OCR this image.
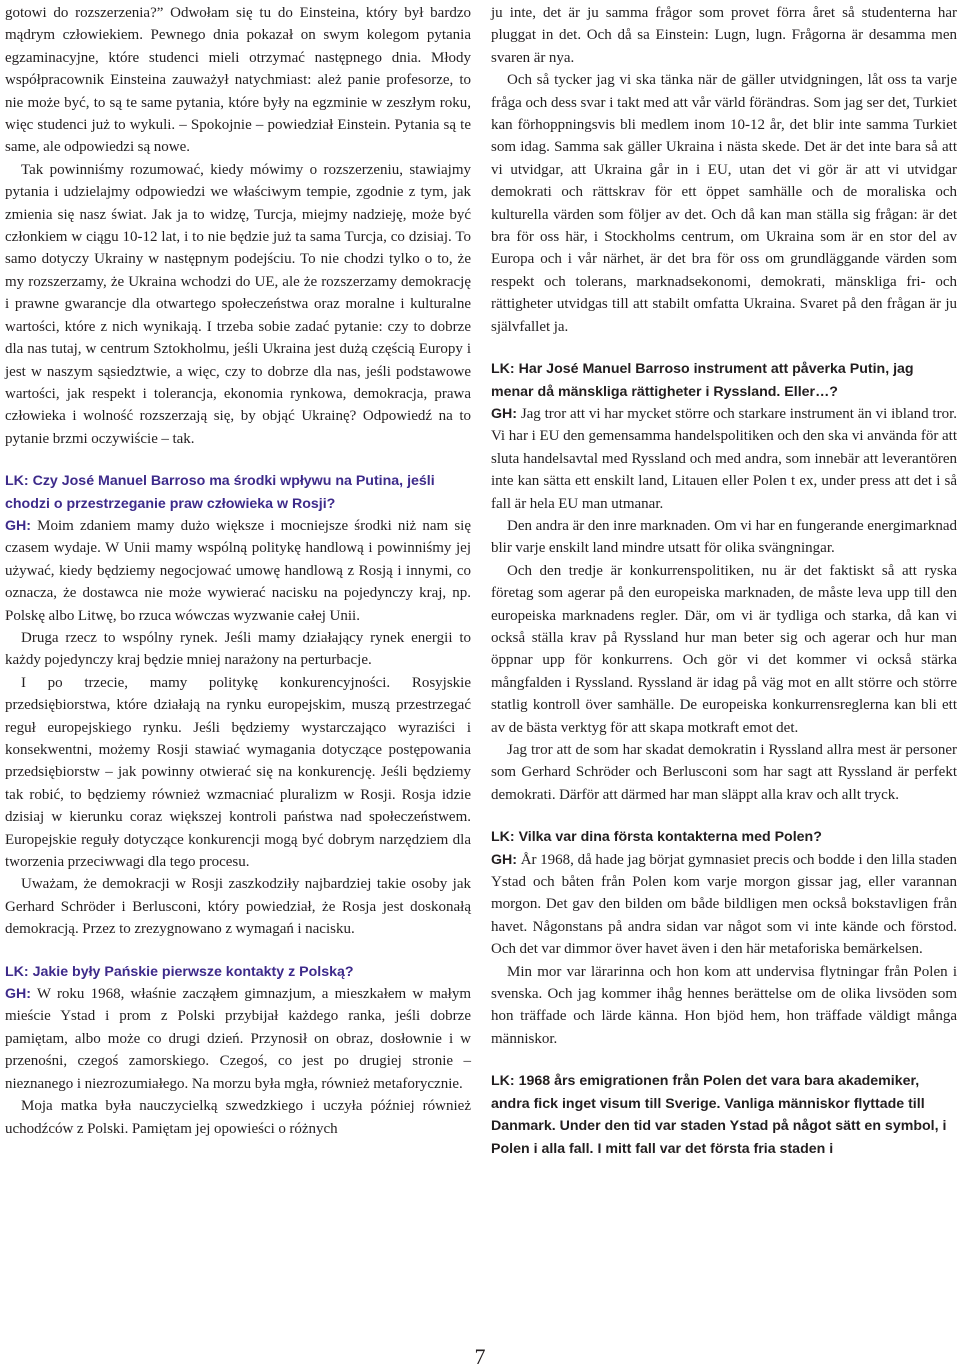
gotowi do rozszerzenia?” Odwołam się tu do Einsteina, który był bardzo mądrym człowiekiem. Pewnego dnia pokazał on swym kolegom pytania egzaminacyjne, które studenci mieli otrzymać następnego dnia. Młody współpracownik Einsteina zauważył natychmiast: ależ panie profesorze, to nie może być, to są te same pytania, które były na egzminie w zeszłym roku, więc studenci już to wykuli. – Spokojnie – powiedział Einstein. Pytania są te same, ale odpowiedzi są nowe.

Tak powinniśmy rozumować, kiedy mówimy o rozszerzeniu, stawiajmy pytania i udzielajmy odpowiedzi we właściwym tempie, zgodnie z tym, jak zmienia się nasz świat. Jak ja to widzę, Turcja, miejmy nadzieję, może być członkiem w ciągu 10-12 lat, i to nie będzie już ta sama Turcja, co dzisiaj. To samo dotyczy Ukrainy w następnym podejściu. To nie chodzi tylko o to, że my rozszerzamy, że Ukraina wchodzi do UE, ale że rozszerzamy demokrację i prawne gwarancje dla otwartego społeczeństwa oraz moralne i kulturalne wartości, które z nich wynikają. I trzeba sobie zadać pytanie: czy to dobrze dla nas tutaj, w centrum Sztokholmu, jeśli Ukraina jest dużą częścią Europy i jest w naszym sąsiedztwie, a więc, czy to dobrze dla nas, jeśli podstawowe wartości, jak respekt i tolerancja, ekonomia rynkowa, demokracja, prawa człowieka i wolność rozszerzają się, by objąć Ukrainę? Odpowiedź na to pytanie brzmi oczywiście – tak.

LK: Czy José Manuel Barroso ma środki wpływu na Putina, jeśli chodzi o przestrzeganie praw człowieka w Rosji?

GH: Moim zdaniem mamy dużo większe i mocniejsze środki niż nam się czasem wydaje. W Unii mamy wspólną politykę handlową i powinniśmy jej używać, kiedy będziemy negocjować umowę handlową z Rosją i innymi, co oznacza, że dostawca nie może wywierać nacisku na pojedynczy kraj, np. Polskę albo Litwę, bo rzuca wówczas wyzwanie całej Unii.

Druga rzecz to wspólny rynek. Jeśli mamy działający rynek energii to każdy pojedynczy kraj będzie mniej narażony na perturbacje.

I po trzecie, mamy politykę konkurencyjności. Rosyjskie przedsiębiorstwa, które działają na rynku europejskim, muszą przestrzegać reguł europejskiego rynku. Jeśli będziemy wystarczająco wyraziści i konsekwentni, możemy Rosji stawiać wymagania dotyczące postępowania przedsiębiorstw – jak powinny otwierać się na konkurencję. Jeśli będziemy tak robić, to będziemy również wzmacniać pluralizm w Rosji. Rosja idzie dzisiaj w kierunku coraz większej kontroli państwa nad społeczeństwem. Europejskie reguły dotyczące konkurencji mogą być dobrym narzędziem dla tworzenia przeciwwagi dla tego procesu.

Uważam, że demokracji w Rosji zaszkodziły najbardziej takie osoby jak Gerhard Schröder i Berlusconi, który powiedział, że Rosja jest doskonałą demokracją. Przez to zrezygnowano z wymagań i nacisku.

LK: Jakie były Pańskie pierwsze kontakty z Polską?

GH: W roku 1968, właśnie zacząłem gimnazjum, a mieszkałem w małym mieście Ystad i prom z Polski przybijał każdego ranka, jeśli dobrze pamiętam, albo może co drugi dzień. Przynosił on obraz, dosłownie i w przenośni, czegoś zamorskiego. Czegoś, co jest po drugiej stronie – nieznanego i niezrozumiałego. Na morzu była mgła, również metaforycznie.

Moja matka była nauczycielką szwedzkiego i uczyła później również uchodźców z Polski. Pamiętam jej opowieści o różnych

ju inte, det är ju samma frågor som provet förra året så studenterna har pluggat in det. Och då sa Einstein: Lugn, lugn. Frågorna är desamma men svaren är nya.

Och så tycker jag vi ska tänka när de gäller utvidgningen, låt oss ta varje fråga och dess svar i takt med att vår värld förändras. Som jag ser det, Turkiet kan förhoppningsvis bli medlem inom 10-12 år, det blir inte samma Turkiet som idag. Samma sak gäller Ukraina i nästa skede. Det är det inte bara så att vi utvidgar, att Ukraina går in i EU, utan det vi gör är att vi utvidgar demokrati och rättskrav för ett öppet samhälle och de moraliska och kulturella värden som följer av det. Och då kan man ställa sig frågan: är det bra för oss här, i Stockholms centrum, om Ukraina som är en stor del av Europa och i vår närhet, är det bra för oss om grundläggande värden som respekt och tolerans, marknadsekonomi, demokrati, mänskliga fri- och rättigheter utvidgas till att stabilt omfatta Ukraina. Svaret på den frågan är ju självfallet ja.

LK: Har José Manuel Barroso instrument att påverka Putin, jag menar då mänskliga rättigheter i Ryssland. Eller…?

GH: Jag tror att vi har mycket större och starkare instrument än vi ibland tror. Vi har i EU den gemensamma handelspolitiken och den ska vi använda för att sluta handelsavtal med Ryssland och med andra, som innebär att leverantören inte kan sätta ett enskilt land, Litauen eller Polen t ex, under press att det i så fall är hela EU man utmanar.

Den andra är den inre marknaden. Om vi har en fungerande energimarknad blir varje enskilt land mindre utsatt för olika svängningar.

Och den tredje är konkurrenspolitiken, nu är det faktiskt så att ryska företag som agerar på den europeiska marknaden, de måste leva upp till den europeiska marknadens regler. Där, om vi är tydliga och starka, då kan vi också ställa krav på Ryssland hur man beter sig och agerar och hur man öppnar upp för konkurrens. Och gör vi det kommer vi också stärka mångfalden i Ryssland. Ryssland är idag på väg mot en allt större och större statlig kontroll över samhälle. De europeiska konkurrensreglerna kan bli ett av de bästa verktyg för att skapa motkraft emot det.

Jag tror att de som har skadat demokratin i Ryssland allra mest är personer som Gerhard Schröder och Berlusconi som har sagt att Ryssland är perfekt demokrati. Därför att därmed har man släppt alla krav och allt tryck.

LK: Vilka var dina första kontakterna med Polen?

GH: År 1968, då hade jag börjat gymnasiet precis och bodde i den lilla staden Ystad och båten från Polen kom varje morgon gissar jag, eller varannan morgon. Det gav den bilden om både bildligen men också bokstavligen från havet. Någonstans på andra sidan var något som vi inte kände och förstod. Och det var dimmor över havet även i den här metaforiska bemärkelsen.

Min mor var lärarinna och hon kom att undervisa flytningar från Polen i svenska. Och jag kommer ihåg hennes berättelse om de olika livsöden som hon träffade och lärde känna. Hon bjöd hem, hon träffade väldigt många människor.

LK: 1968 års emigrationen från Polen det vara bara akademiker, andra fick inget visum till Sverige. Vanliga människor flyttade till Danmark. Under den tid var staden Ystad på något sätt en symbol, i Polen i alla fall. I mitt fall var det första fria staden i

7
